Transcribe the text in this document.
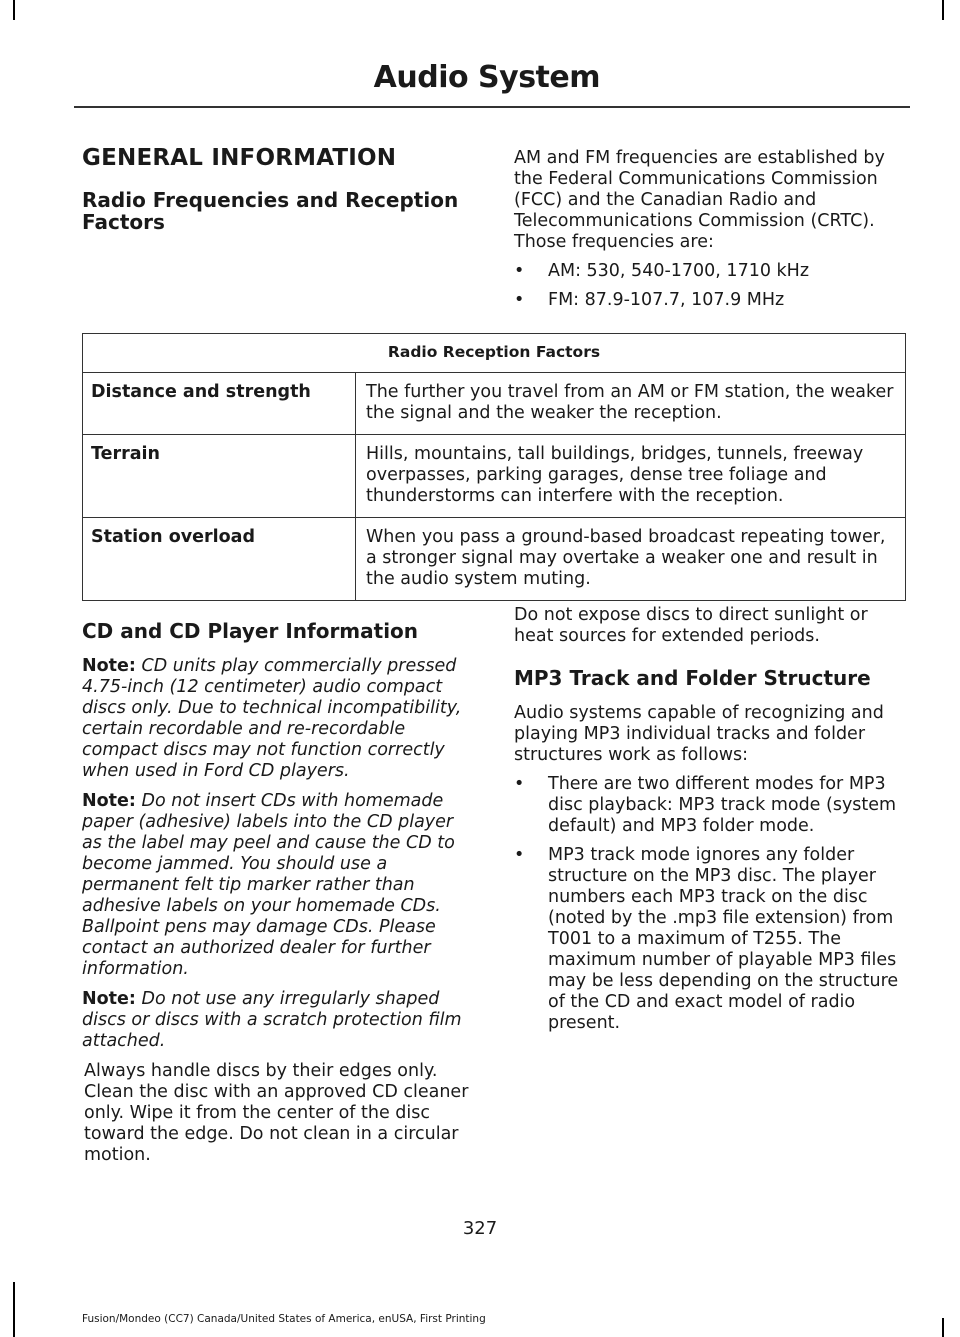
Audio System
GENERAL INFORMATION
Radio Frequencies and Reception Factors

AM and FM frequencies are established by the Federal Communications Commission (FCC) and the Canadian Radio and Telecommunications Commission (CRTC). Those frequencies are:

• AM: 530, 540-1700, 1710 kHz
• FM: 87.9-107.7, 107.9 MHz
Radio Reception Factors	
Distance and strength	The further you travel from an AM or FM station, the weaker the signal and the weaker the reception.
Terrain	Hills, mountains, tall buildings, bridges, tunnels, freeway overpasses, parking garages, dense tree foliage and thunderstorms can interfere with the reception.
Station overload	When you pass a ground-based broadcast repeating tower, a stronger signal may overtake a weaker one and result in the audio system muting.
CD and CD Player Information

Note: CD units play commercially pressed 4.75-inch (12 centimeter) audio compact discs only. Due to technical incompatibility, certain recordable and re-recordable compact discs may not function correctly when used in Ford CD players.

Note: Do not insert CDs with homemade paper (adhesive) labels into the CD player as the label may peel and cause the CD to become jammed. You should use a permanent felt tip marker rather than adhesive labels on your homemade CDs. Ballpoint pens may damage CDs. Please contact an authorized dealer for further information.

Note: Do not use any irregularly shaped discs or discs with a scratch protection film attached.

Always handle discs by their edges only. Clean the disc with an approved CD cleaner only. Wipe it from the center of the disc toward the edge. Do not clean in a circular motion.

Do not expose discs to direct sunlight or heat sources for extended periods.

MP3 Track and Folder Structure

Audio systems capable of recognizing and playing MP3 individual tracks and folder structures work as follows:

• There are two different modes for MP3 disc playback: MP3 track mode (system default) and MP3 folder mode.
• MP3 track mode ignores any folder structure on the MP3 disc. The player numbers each MP3 track on the disc (noted by the .mp3 file extension) from T001 to a maximum of T255. The maximum number of playable MP3 files may be less depending on the structure of the CD and exact model of radio present.
327
Fusion/Mondeo (CC7) Canada/United States of America, enUSA, First Printing
